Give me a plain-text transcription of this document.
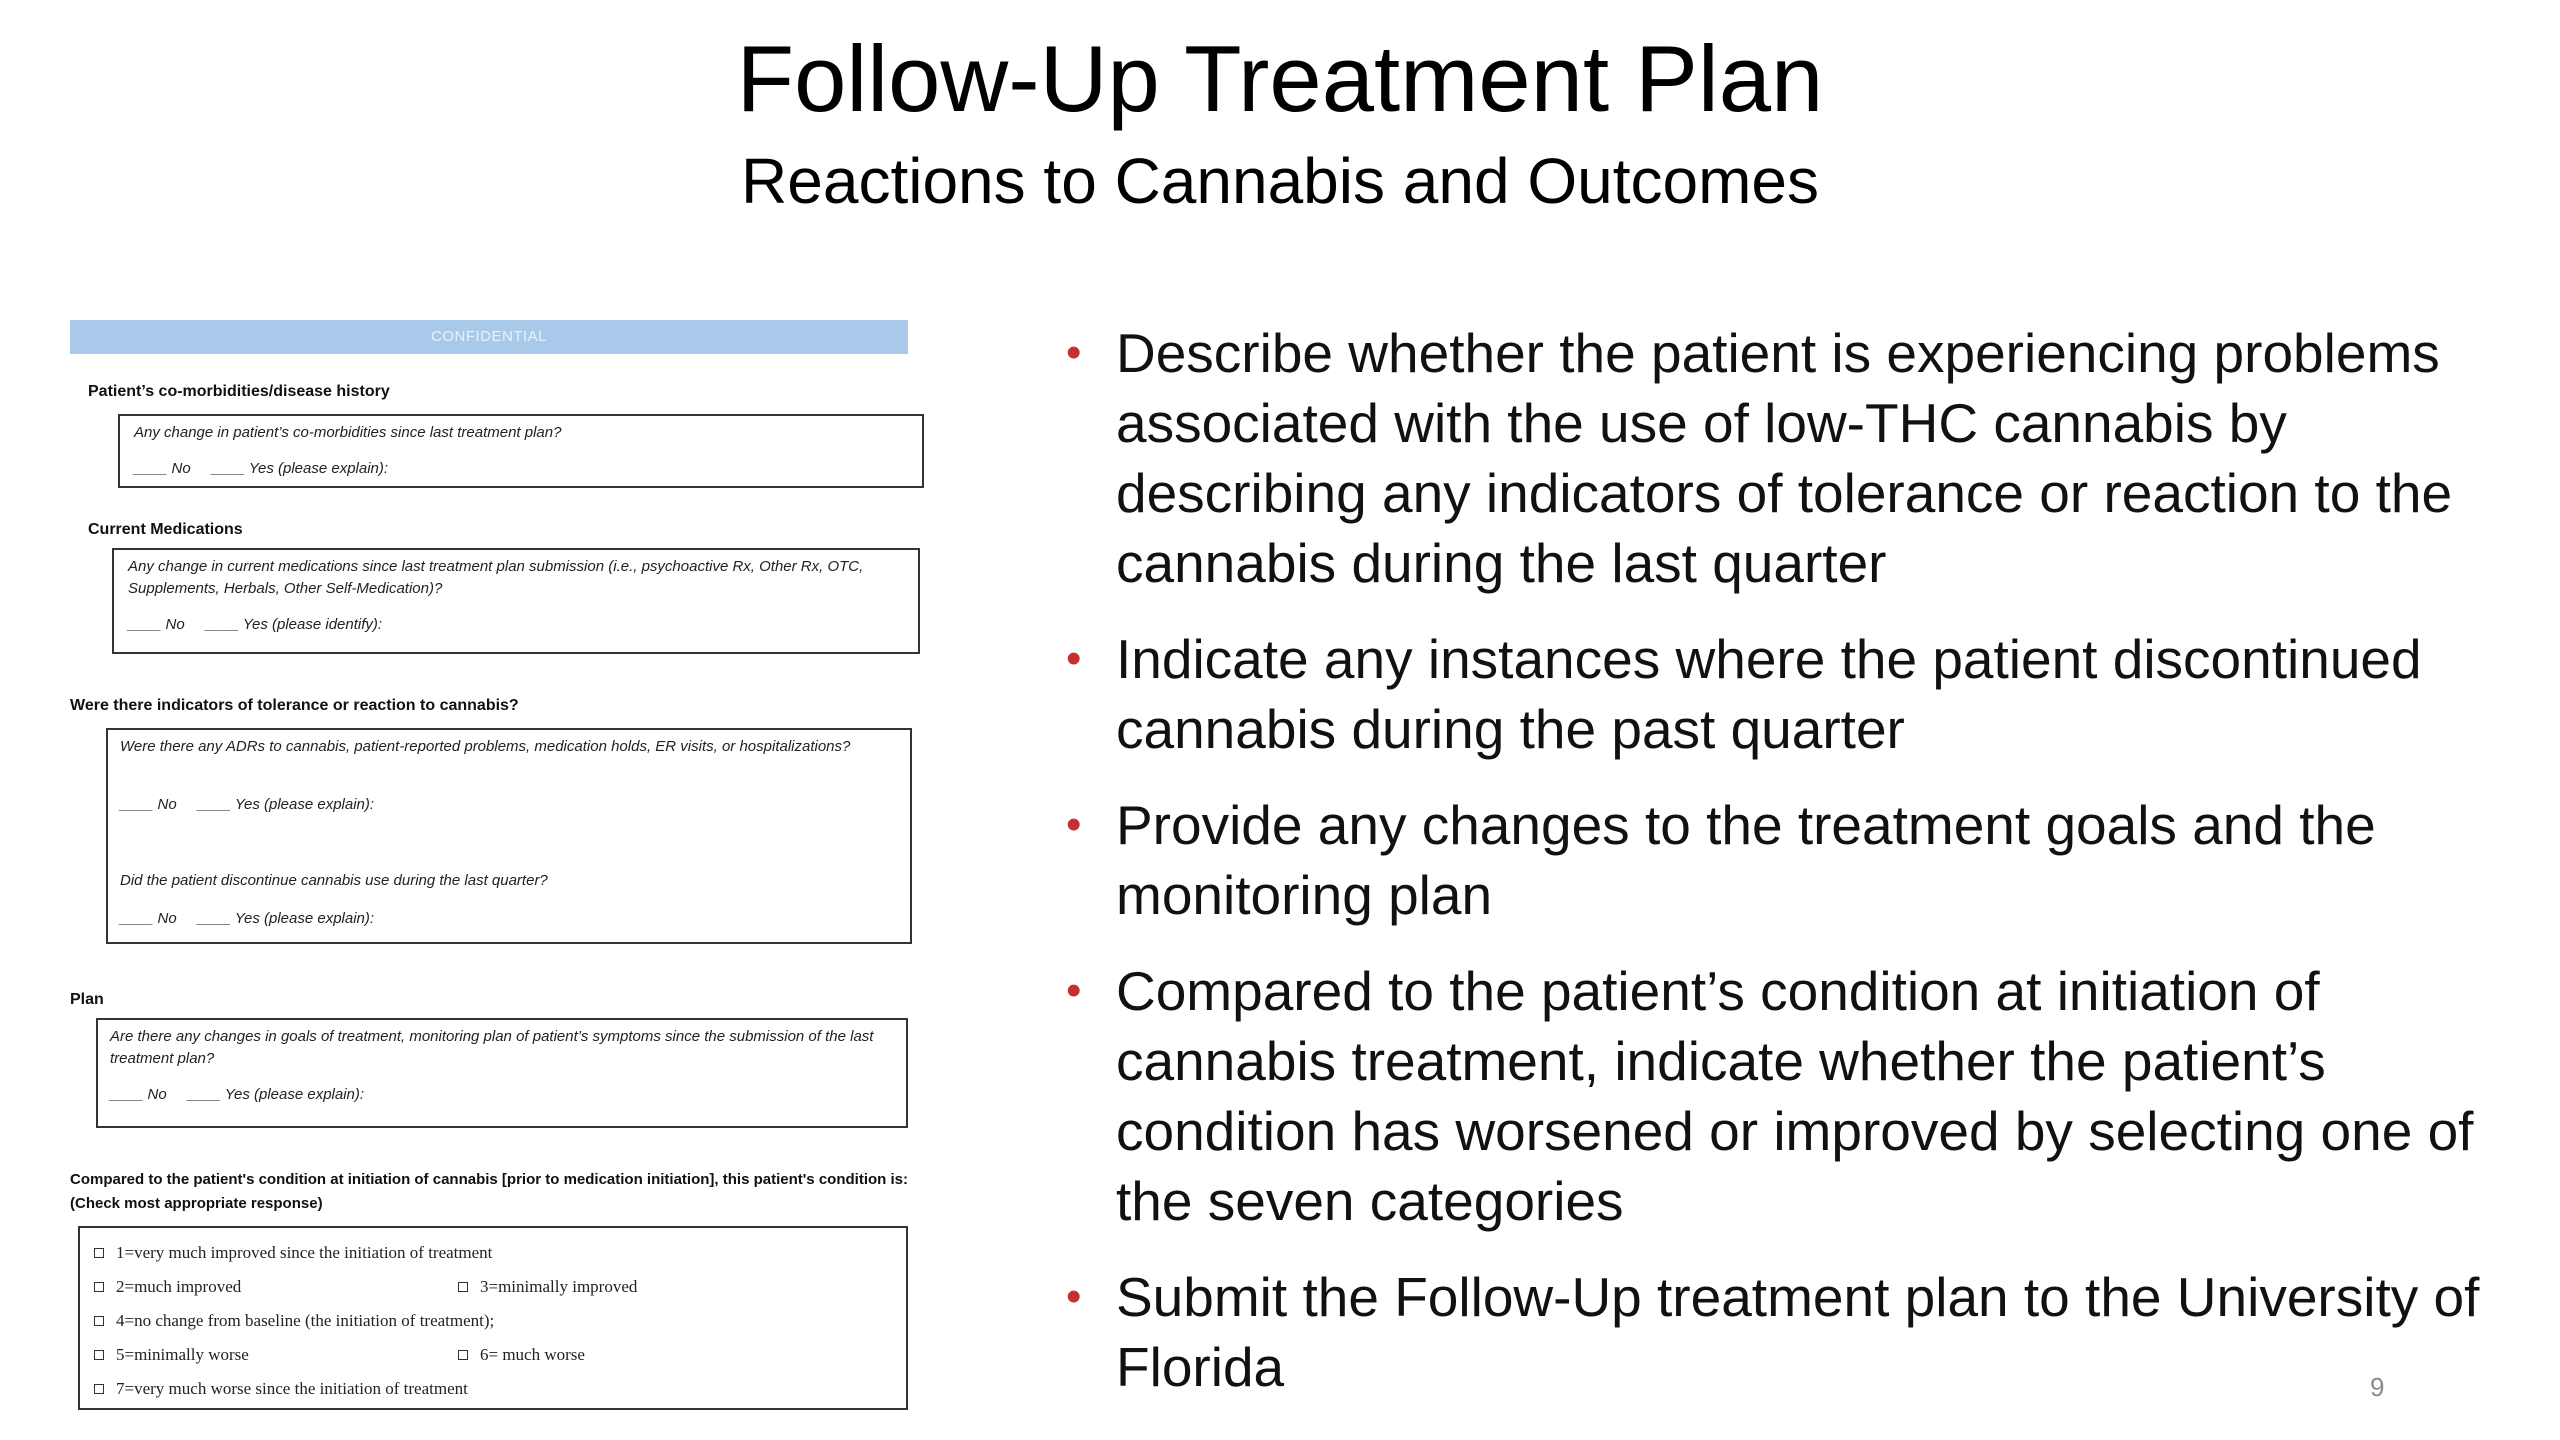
Follow-Up Treatment Plan
Reactions to Cannabis and Outcomes
CONFIDENTIAL
Patient’s co-morbidities/disease history
Any change in patient’s co-morbidities since last treatment plan?
____ No     ____ Yes (please explain):
Current Medications
Any change in current medications since last treatment plan submission (i.e., psychoactive Rx, Other Rx, OTC, Supplements, Herbals, Other Self-Medication)?
____ No     ____ Yes (please identify):
Were there indicators of tolerance or reaction to cannabis?
Were there any ADRs to cannabis, patient-reported problems, medication holds, ER visits, or hospitalizations?
____ No     ____ Yes (please explain):
Did the patient discontinue cannabis use during the last quarter?
____ No     ____ Yes (please explain):
Plan
Are there any changes in goals of treatment, monitoring plan of patient’s symptoms since the submission of the last treatment plan?
____ No     ____ Yes (please explain):
Compared to the patient's condition at initiation of cannabis [prior to medication initiation], this patient's condition is: (Check most appropriate response)
1=very much improved since the initiation of treatment
2=much improved	3=minimally improved
4=no change from baseline (the initiation of treatment);
5=minimally worse	6= much worse
7=very much worse since the initiation of treatment
• Describe whether the patient is experiencing problems associated with the use of low-THC cannabis by describing any indicators of tolerance or reaction to the cannabis during the last quarter
• Indicate any instances where the patient discontinued cannabis during the past quarter
• Provide any changes to the treatment goals and the monitoring plan
• Compared to the patient’s condition at initiation of cannabis treatment, indicate whether the patient’s condition has worsened or improved by selecting one of the seven categories
• Submit the Follow-Up treatment plan to the University of Florida	9
